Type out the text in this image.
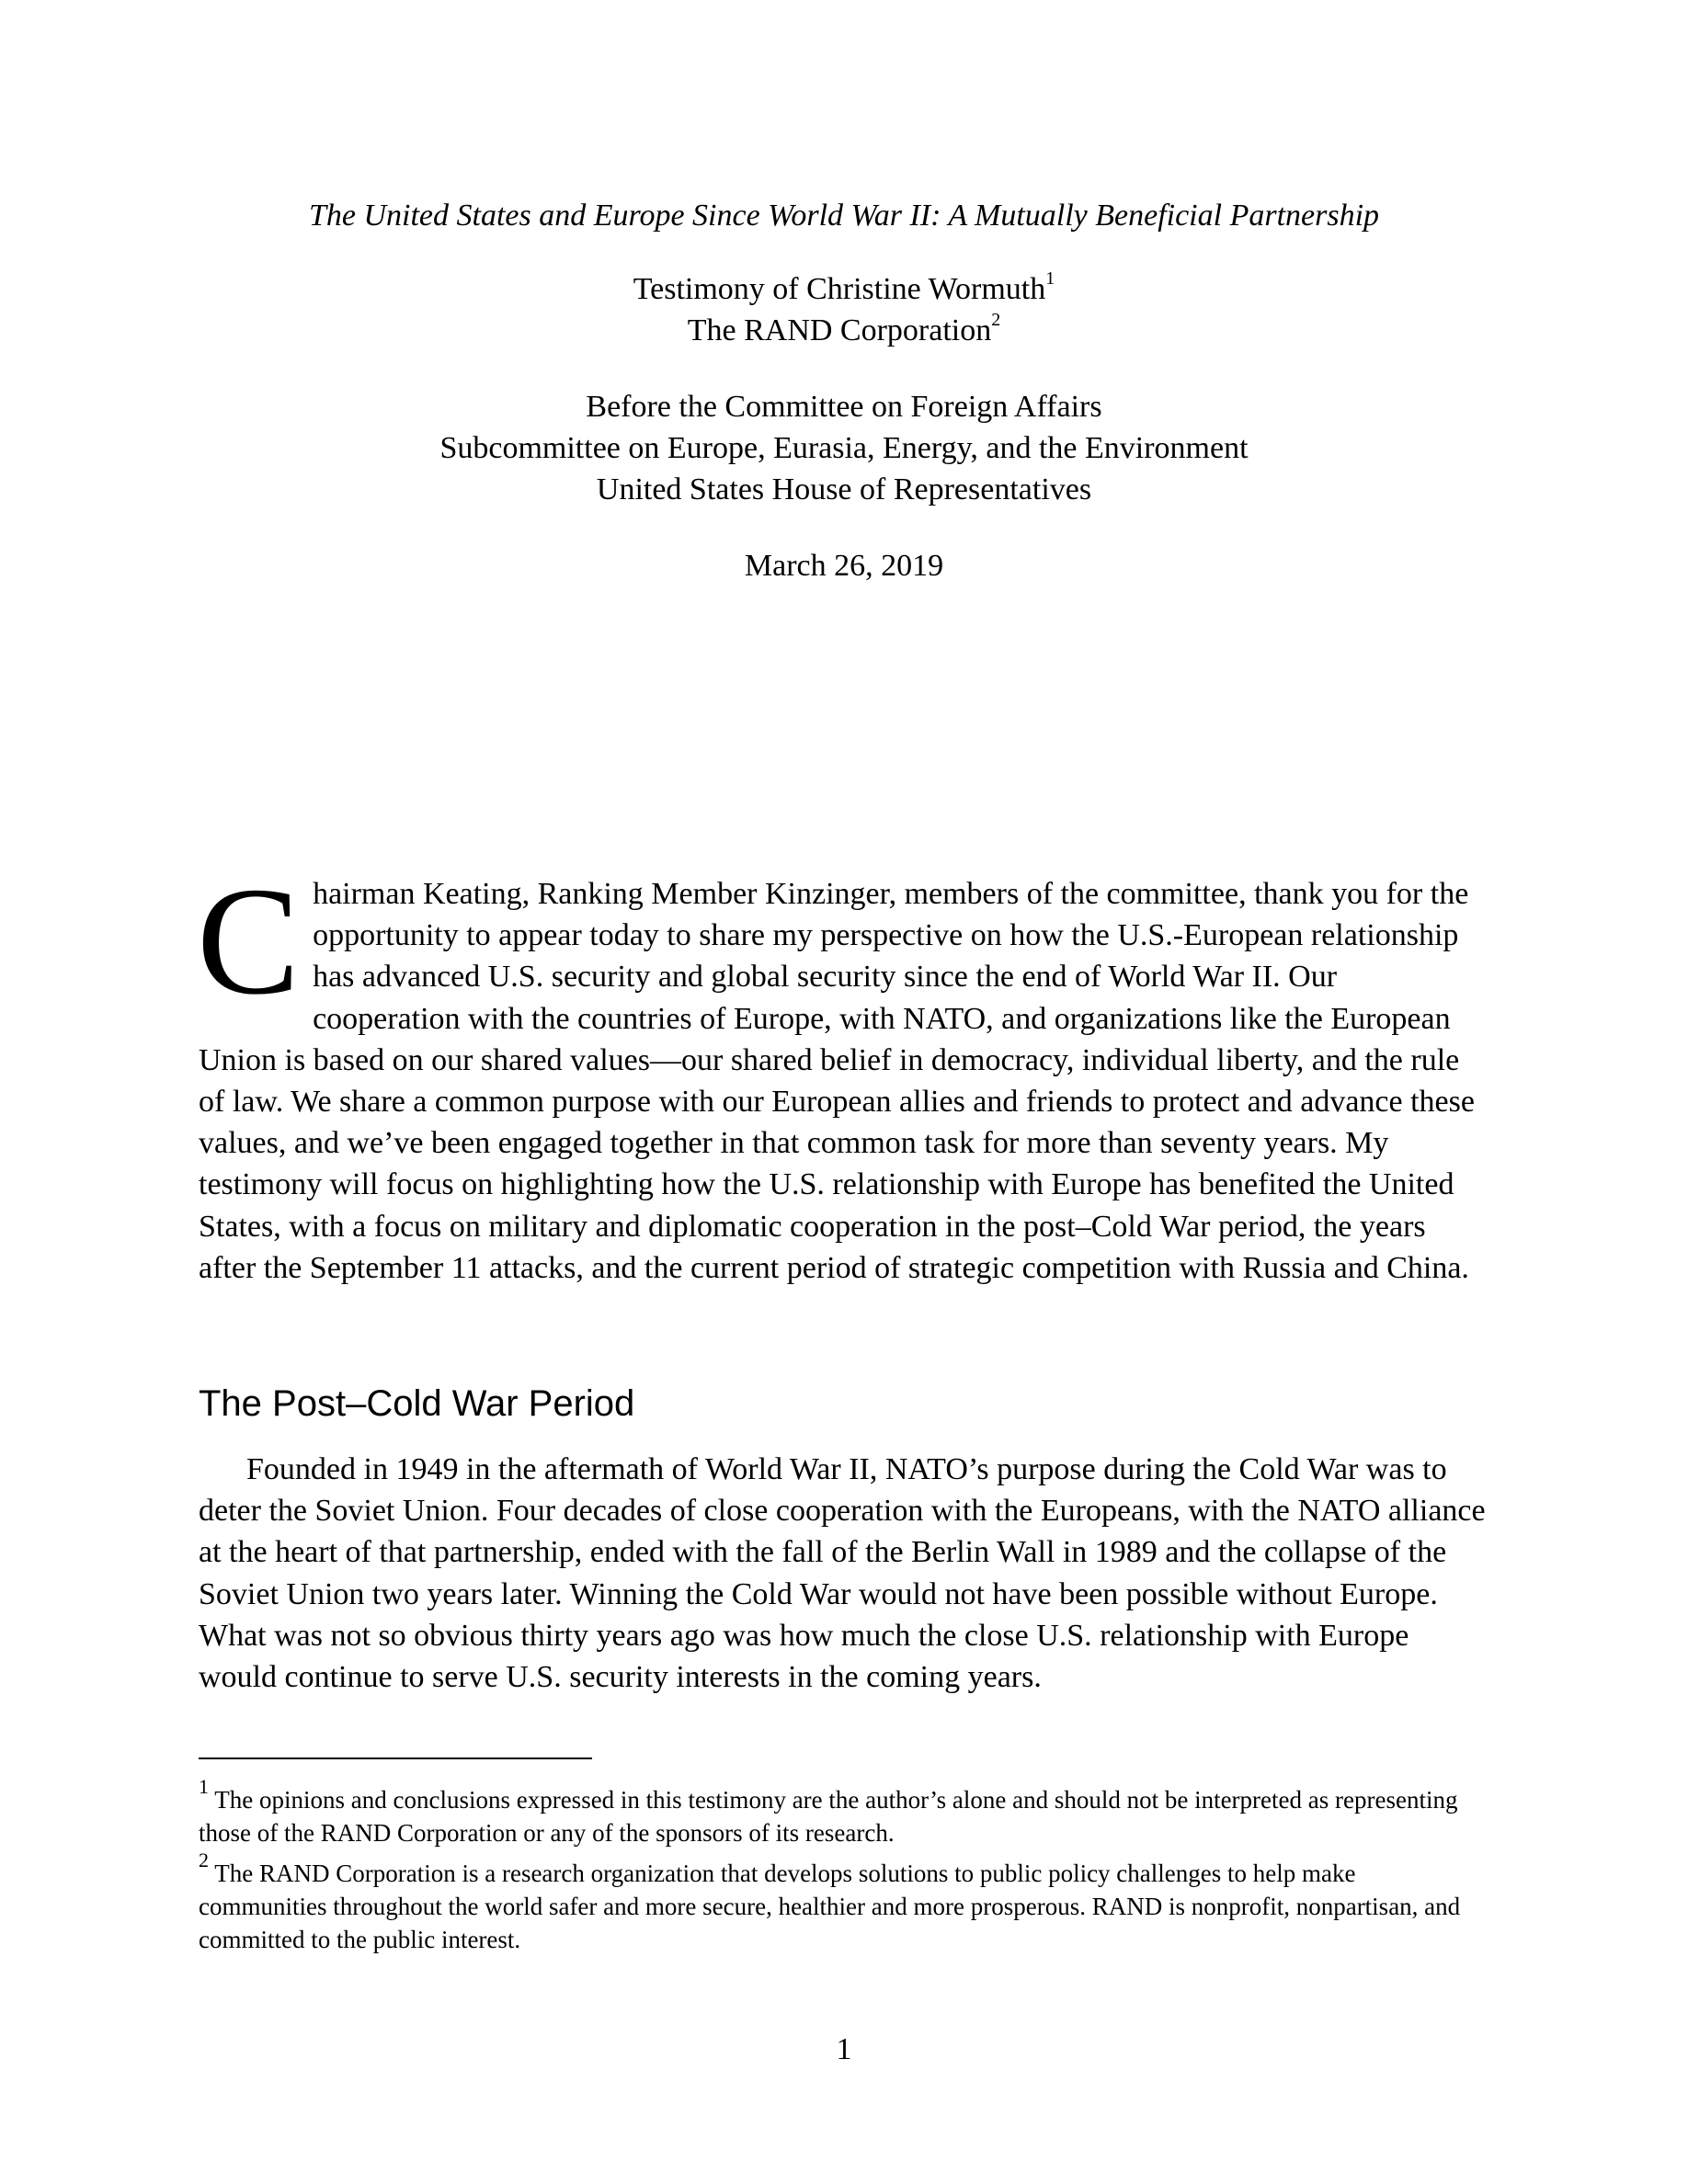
The United States and Europe Since World War II: A Mutually Beneficial Partnership

Testimony of Christine Wormuth$^1$

The RAND Corporation$^2$

Before the Committee on Foreign Affairs

Subcommittee on Europe, Eurasia, Energy, and the Environment

United States House of Representatives

March 26, 2019

C hairman Keating, Ranking Member Kinzinger, members of the committee, thank you for the opportunity to appear today to share my perspective on how the U.S.-European relationship has advanced U.S. security and global security since the end of World War II. Our cooperation with the countries of Europe, with NATO, and organizations like the European Union is based on our shared values—our shared belief in democracy, individual liberty, and the rule of law. We share a common purpose with our European allies and friends to protect and advance these values, and we’ve been engaged together in that common task for more than seventy years. My testimony will focus on highlighting how the U.S. relationship with Europe has benefited the United States, with a focus on military and diplomatic cooperation in the post–Cold War period, the years after the September 11 attacks, and the current period of strategic competition with Russia and China.

The Post–Cold War Period

Founded in 1949 in the aftermath of World War II, NATO’s purpose during the Cold War was to deter the Soviet Union. Four decades of close cooperation with the Europeans, with the NATO alliance at the heart of that partnership, ended with the fall of the Berlin Wall in 1989 and the collapse of the Soviet Union two years later. Winning the Cold War would not have been possible without Europe. What was not so obvious thirty years ago was how much the close U.S. relationship with Europe would continue to serve U.S. security interests in the coming years.

$^1$ The opinions and conclusions expressed in this testimony are the author’s alone and should not be interpreted as representing those of the RAND Corporation or any of the sponsors of its research.

$^2$ The RAND Corporation is a research organization that develops solutions to public policy challenges to help make communities throughout the world safer and more secure, healthier and more prosperous. RAND is nonprofit, nonpartisan, and committed to the public interest.

1
